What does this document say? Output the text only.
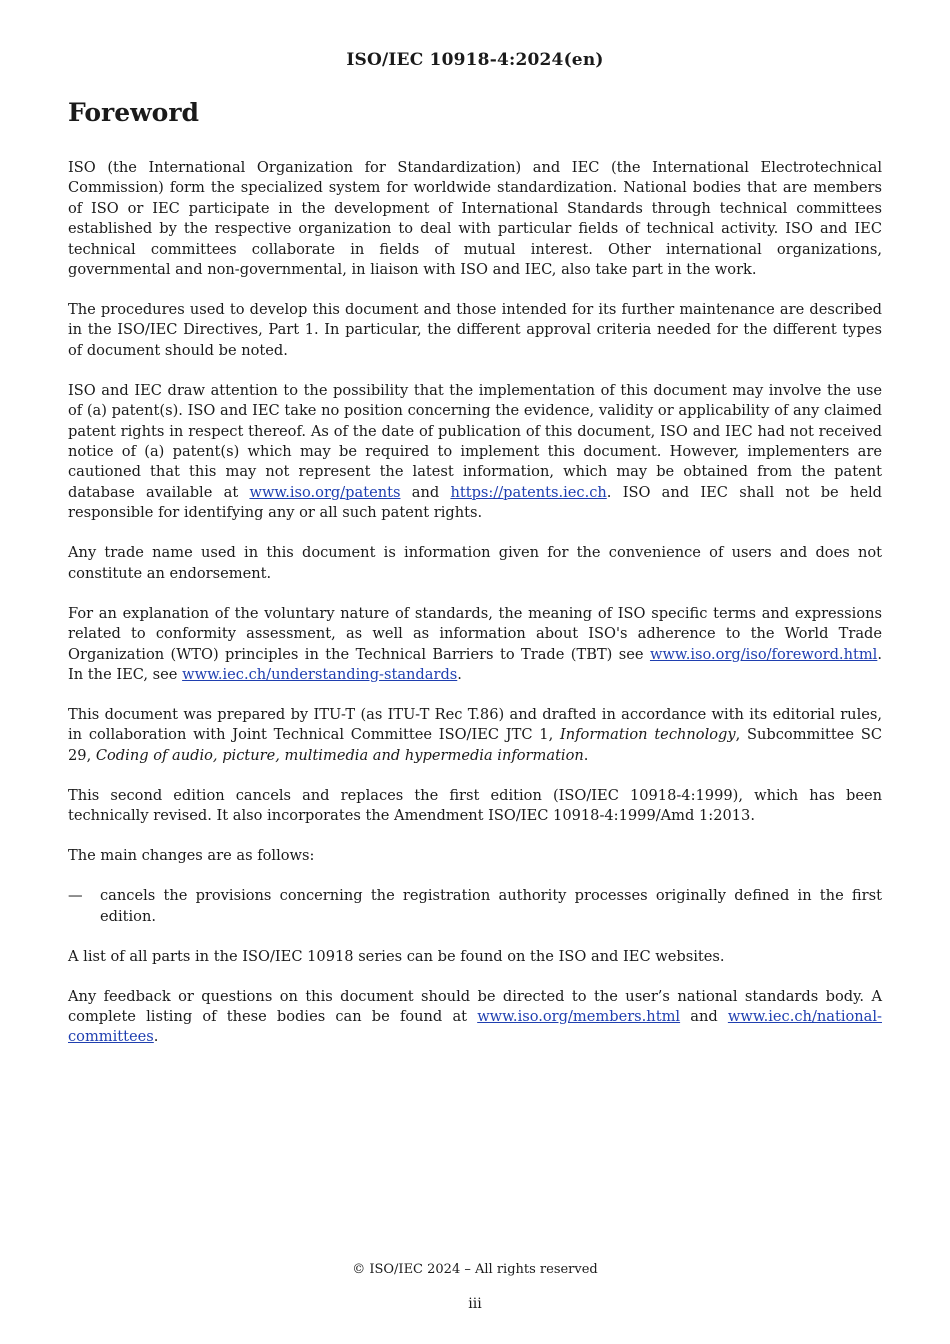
ISO/IEC 10918-4:2024(en)
Foreword

ISO (the International Organization for Standardization) and IEC (the International Electrotechnical Commission) form the specialized system for worldwide standardization. National bodies that are members of ISO or IEC participate in the development of International Standards through technical committees established by the respective organization to deal with particular fields of technical activity. ISO and IEC technical committees collaborate in fields of mutual interest. Other international organizations, governmental and non-governmental, in liaison with ISO and IEC, also take part in the work.

The procedures used to develop this document and those intended for its further maintenance are described in the ISO/IEC Directives, Part 1. In particular, the different approval criteria needed for the different types of document should be noted.

ISO and IEC draw attention to the possibility that the implementation of this document may involve the use of (a) patent(s). ISO and IEC take no position concerning the evidence, validity or applicability of any claimed patent rights in respect thereof. As of the date of publication of this document, ISO and IEC had not received notice of (a) patent(s) which may be required to implement this document. However, implementers are cautioned that this may not represent the latest information, which may be obtained from the patent database available at www.iso.org/patents and https://patents.iec.ch. ISO and IEC shall not be held responsible for identifying any or all such patent rights.

Any trade name used in this document is information given for the convenience of users and does not constitute an endorsement.

For an explanation of the voluntary nature of standards, the meaning of ISO specific terms and expressions related to conformity assessment, as well as information about ISO's adherence to the World Trade Organization (WTO) principles in the Technical Barriers to Trade (TBT) see www.iso.org/iso/foreword.html. In the IEC, see www.iec.ch/understanding-standards.

This document was prepared by ITU-T (as ITU-T Rec T.86) and drafted in accordance with its editorial rules, in collaboration with Joint Technical Committee ISO/IEC JTC 1, Information technology, Subcommittee SC 29, Coding of audio, picture, multimedia and hypermedia information.

This second edition cancels and replaces the first edition (ISO/IEC 10918-4:1999), which has been technically revised. It also incorporates the Amendment ISO/IEC 10918-4:1999/Amd 1:2013.

The main changes are as follows:

—	cancels the provisions concerning the registration authority processes originally defined in the first edition.

A list of all parts in the ISO/IEC 10918 series can be found on the ISO and IEC websites.

Any feedback or questions on this document should be directed to the user’s national standards body. A complete listing of these bodies can be found at www.iso.org/members.html and www.iec.ch/national-committees.

© ISO/IEC 2024 – All rights reserved
iii
